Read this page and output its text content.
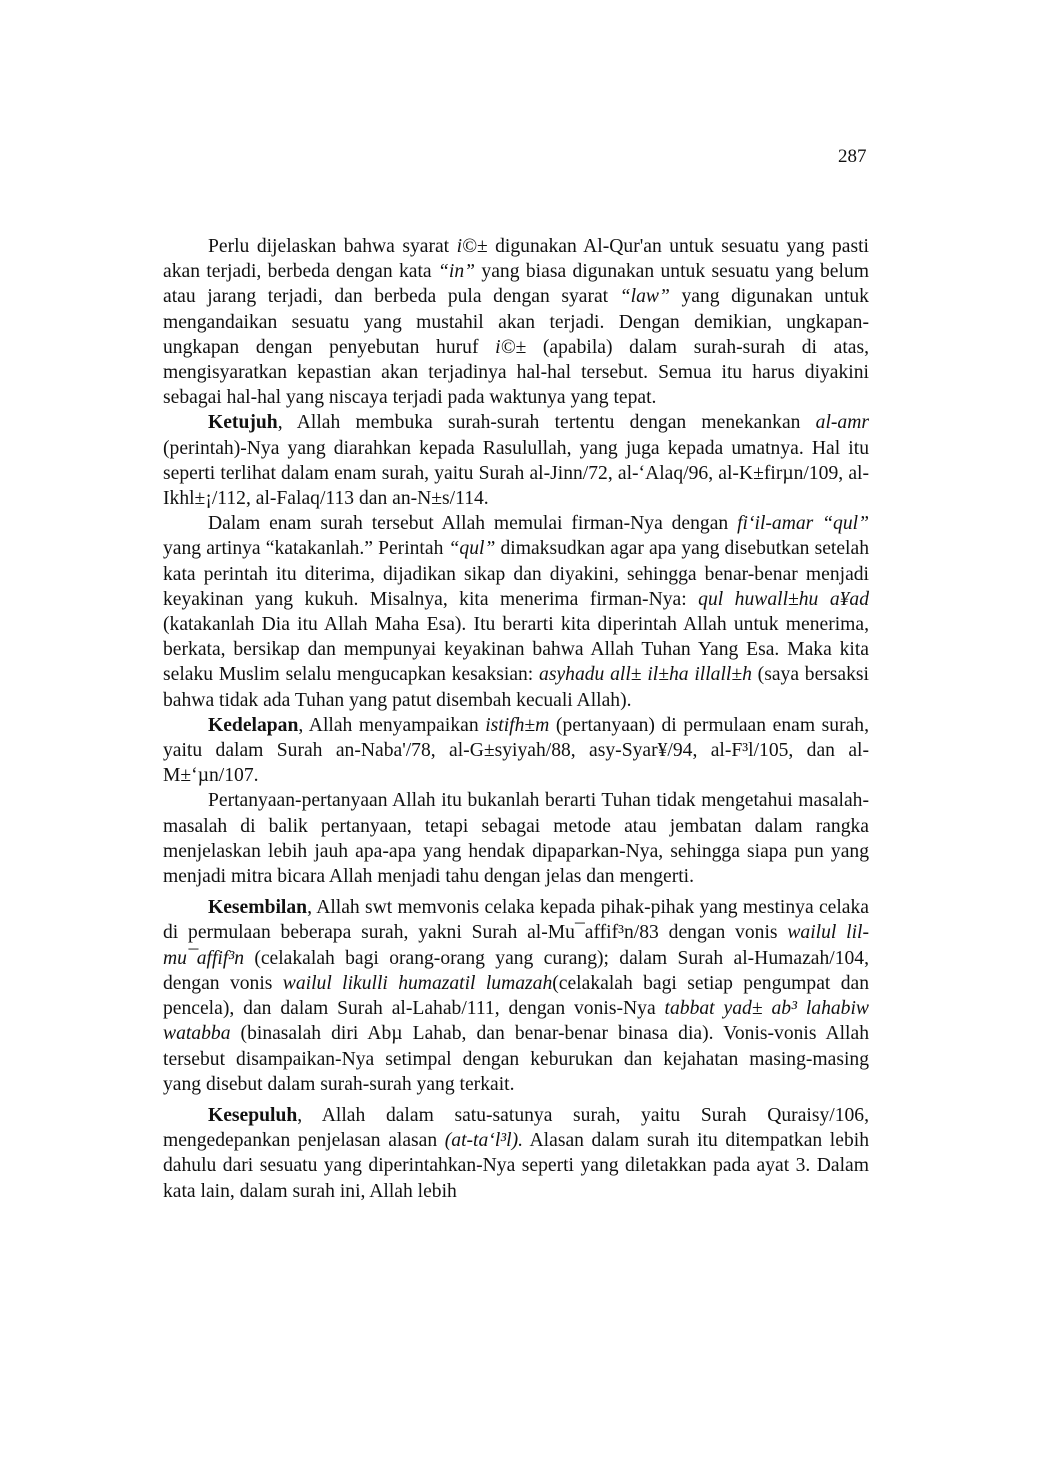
287

Perlu dijelaskan bahwa syarat i©± digunakan Al-Qur'an untuk sesuatu yang pasti akan terjadi, berbeda dengan kata “in” yang biasa digunakan untuk sesuatu yang belum atau jarang terjadi, dan berbeda pula dengan syarat “law” yang digunakan untuk mengandaikan sesuatu yang mustahil akan terjadi. Dengan demikian, ungkapan-ungkapan dengan penyebutan huruf i©± (apabila) dalam surah-surah di atas, mengisyaratkan kepastian akan terjadinya hal-hal tersebut. Semua itu harus diyakini sebagai hal-hal yang niscaya terjadi pada waktunya yang tepat.

Ketujuh, Allah membuka surah-surah tertentu dengan menekankan al-amr (perintah)-Nya yang diarahkan kepada Rasulullah, yang juga kepada umatnya. Hal itu seperti terlihat dalam enam surah, yaitu Surah al-Jinn/72, al-‘Alaq/96, al-K±firµn/109, al-Ikhl±¡/112, al-Falaq/113 dan an-N±s/114.

Dalam enam surah tersebut Allah memulai firman-Nya dengan fi‘il-amar “qul” yang artinya “katakanlah.” Perintah “qul” dimaksudkan agar apa yang disebutkan setelah kata perintah itu diterima, dijadikan sikap dan diyakini, sehingga benar-benar menjadi keyakinan yang kukuh. Misalnya, kita menerima firman-Nya: qul huwall±hu a¥ad (katakanlah Dia itu Allah Maha Esa). Itu berarti kita diperintah Allah untuk menerima, berkata, bersikap dan mempunyai keyakinan bahwa Allah Tuhan Yang Esa. Maka kita selaku Muslim selalu mengucapkan kesaksian: asyhadu all± il±ha illall±h (saya bersaksi bahwa tidak ada Tuhan yang patut disembah kecuali Allah).

Kedelapan, Allah menyampaikan istifh±m (pertanyaan) di permulaan enam surah, yaitu dalam Surah an-Naba'/78, al-G±syiyah/88, asy-Syar¥/94, al-F³l/105, dan al-M±‘µn/107.

Pertanyaan-pertanyaan Allah itu bukanlah berarti Tuhan tidak mengetahui masalah-masalah di balik pertanyaan, tetapi sebagai metode atau jembatan dalam rangka menjelaskan lebih jauh apa-apa yang hendak dipaparkan-Nya, sehingga siapa pun yang menjadi mitra bicara Allah menjadi tahu dengan jelas dan mengerti.

Kesembilan, Allah swt memvonis celaka kepada pihak-pihak yang mestinya celaka di permulaan beberapa surah, yakni Surah al-Mu¯affif³n/83 dengan vonis wailul lil-mu¯affif³n (celakalah bagi orang-orang yang curang); dalam Surah al-Humazah/104, dengan vonis wailul likulli humazatil lumazah(celakalah bagi setiap pengumpat dan pencela), dan dalam Surah al-Lahab/111, dengan vonis-Nya tabbat yad± ab³ lahabiw watabba (binasalah diri Abµ Lahab, dan benar-benar binasa dia). Vonis-vonis Allah tersebut disampaikan-Nya setimpal dengan keburukan dan kejahatan masing-masing yang disebut dalam surah-surah yang terkait.

Kesepuluh, Allah dalam satu-satunya surah, yaitu Surah Quraisy/106, mengedepankan penjelasan alasan (at-ta‘l³l). Alasan dalam surah itu ditempatkan lebih dahulu dari sesuatu yang diperintahkan-Nya seperti yang diletakkan pada ayat 3. Dalam kata lain, dalam surah ini, Allah lebih
